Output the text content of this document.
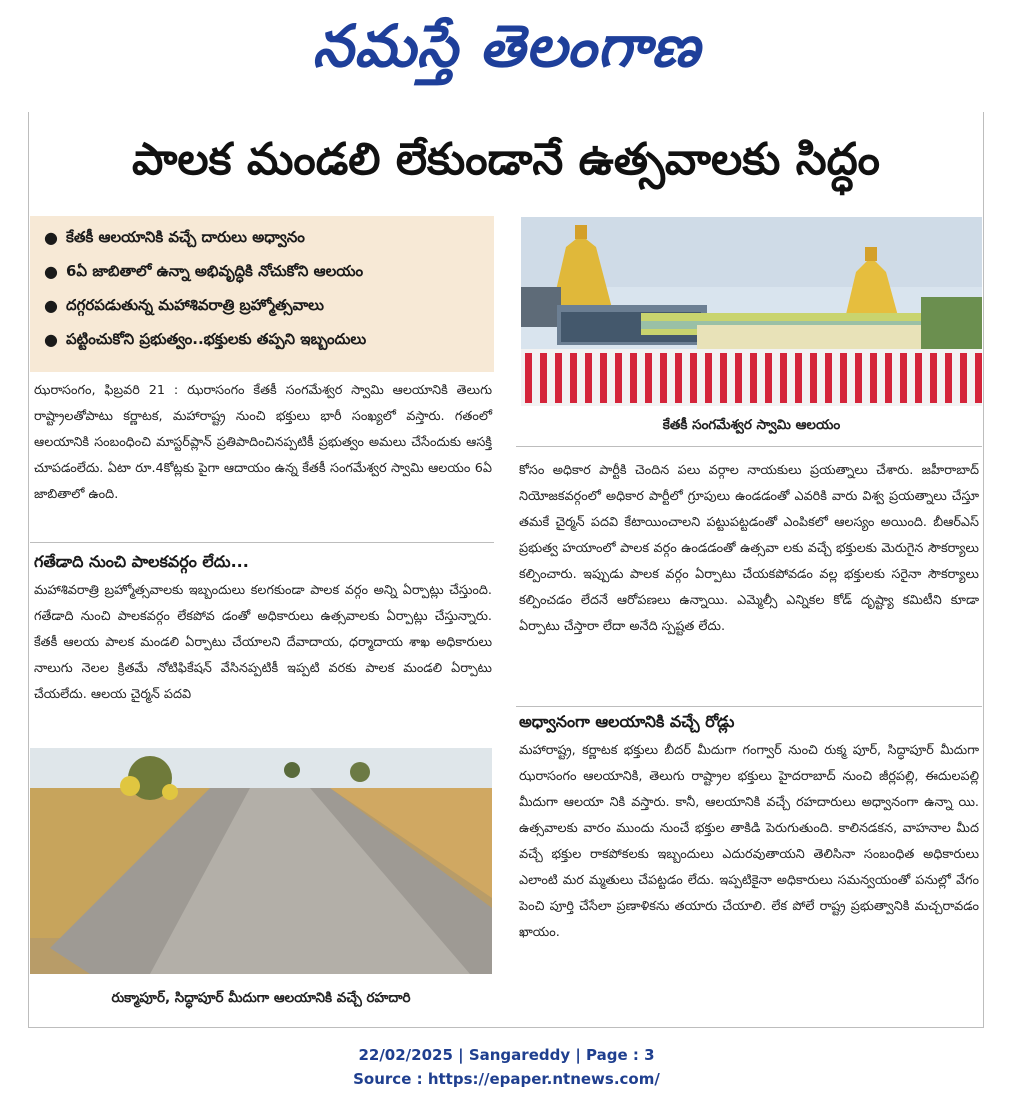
నమస్తే తెలంగాణ
పాలక మండలి లేకుండానే ఉత్సవాలకు సిద్ధం
● కేతకీ ఆలయానికి వచ్చే దారులు అధ్వానం
● 6ఏ జాబితాలో ఉన్నా అభివృద్ధికి నోచుకోని ఆలయం
● దగ్గరపడుతున్న మహాశివరాత్రి బ్రహ్మోత్సవాలు
● పట్టించుకోని ప్రభుత్వం..భక్తులకు తప్పని ఇబ్బందులు
కేతకీ సంగమేశ్వర స్వామి ఆలయం
ఝరాసంగం, ఫిబ్రవరి 21 : ఝరాసంగం కేతకీ సంగమేశ్వర స్వామి ఆలయానికి తెలుగు రాష్ట్రాలతోపాటు కర్ణాటక, మహారాష్ట్ర నుంచి భక్తులు భారీ సంఖ్యలో వస్తారు. గతంలో ఆలయానికి సంబంధించి మాస్టర్‌ప్లాన్ ప్రతిపాదించినప్పటికీ ప్రభుత్వం అమలు చేసేందుకు ఆసక్తి చూపడంలేదు. ఏటా రూ.4కోట్లకు పైగా ఆదాయం ఉన్న కేతకీ సంగమేశ్వర స్వామి ఆలయం 6ఏ జాబితాలో ఉంది.
గతేడాది నుంచి పాలకవర్గం లేదు...
మహాశివరాత్రి బ్రహ్మోత్సవాలకు ఇబ్బందులు కలగకుండా పాలక వర్గం అన్ని ఏర్పాట్లు చేస్తుంది. గతేడాది నుంచి పాలకవర్గం లేకపోవ డంతో అధికారులు ఉత్సవాలకు ఏర్పాట్లు చేస్తున్నారు. కేతకీ ఆలయ పాలక మండలి ఏర్పాటు చేయాలని దేవాదాయ, ధర్మాదాయ శాఖ అధికారులు నాలుగు నెలల క్రితమే నోటిఫికేషన్ వేసినప్పటికీ ఇప్పటి వరకు పాలక మండలి ఏర్పాటు చేయలేదు. ఆలయ చైర్మన్ పదవి
రుక్మాపూర్, సిద్ధాపూర్ మీదుగా ఆలయానికి వచ్చే రహదారి
కోసం అధికార పార్టీకి చెందిన పలు వర్గాల నాయకులు ప్రయత్నాలు చేశారు. జహీరాబాద్ నియోజకవర్గంలో అధికార పార్టీలో గ్రూపులు ఉండడంతో ఎవరికి వారు విశ్వ ప్రయత్నాలు చేస్తూ తమకే చైర్మన్ పదవి కేటాయించాలని పట్టుపట్టడంతో ఎంపికలో ఆలస్యం అయింది. బీఆర్‌ఎస్ ప్రభుత్వ హయాంలో పాలక వర్గం ఉండడంతో ఉత్సవా లకు వచ్చే భక్తులకు మెరుగైన సౌకర్యాలు కల్పించారు. ఇప్పుడు పాలక వర్గం ఏర్పాటు చేయకపోవడం వల్ల భక్తులకు సరైనా సౌకర్యాలు కల్పించడం లేదనే ఆరోపణలు ఉన్నాయి. ఎమ్మెల్సీ ఎన్నికల కోడ్ దృష్ట్యా కమిటీని కూడా ఏర్పాటు చేస్తారా లేదా అనేది స్పష్టత లేదు.
అధ్వానంగా ఆలయానికి వచ్చే రోడ్లు
మహారాష్ట్ర, కర్ణాటక భక్తులు బీదర్ మీదుగా గంగ్వార్ నుంచి రుక్మ పూర్, సిద్ధాపూర్ మీదుగా ఝరాసంగం ఆలయానికి, తెలుగు రాష్ట్రాల భక్తులు హైదరాబాద్ నుంచి జీర్లపల్లి, ఈదులపల్లి మీదుగా ఆలయా నికి వస్తారు. కానీ, ఆలయానికి వచ్చే రహదారులు అధ్వానంగా ఉన్నా యి. ఉత్సవాలకు వారం ముందు నుంచే భక్తుల తాకిడి పెరుగుతుంది. కాలినడకన, వాహనాల మీద వచ్చే భక్తుల రాకపోకలకు ఇబ్బందులు ఎదురవుతాయని తెలిసినా సంబంధిత అధికారులు ఎలాంటి మర మ్మతులు చేపట్టడం లేదు. ఇప్పటికైనా అధికారులు సమన్వయంతో పనుల్లో వేగం పెంచి పూర్తి చేసేలా ప్రణాళికను తయారు చేయాలి. లేక పోలే రాష్ట్ర ప్రభుత్వానికి మచ్చరావడం ఖాయం.
22/02/2025 | Sangareddy | Page : 3
Source : https://epaper.ntnews.com/
